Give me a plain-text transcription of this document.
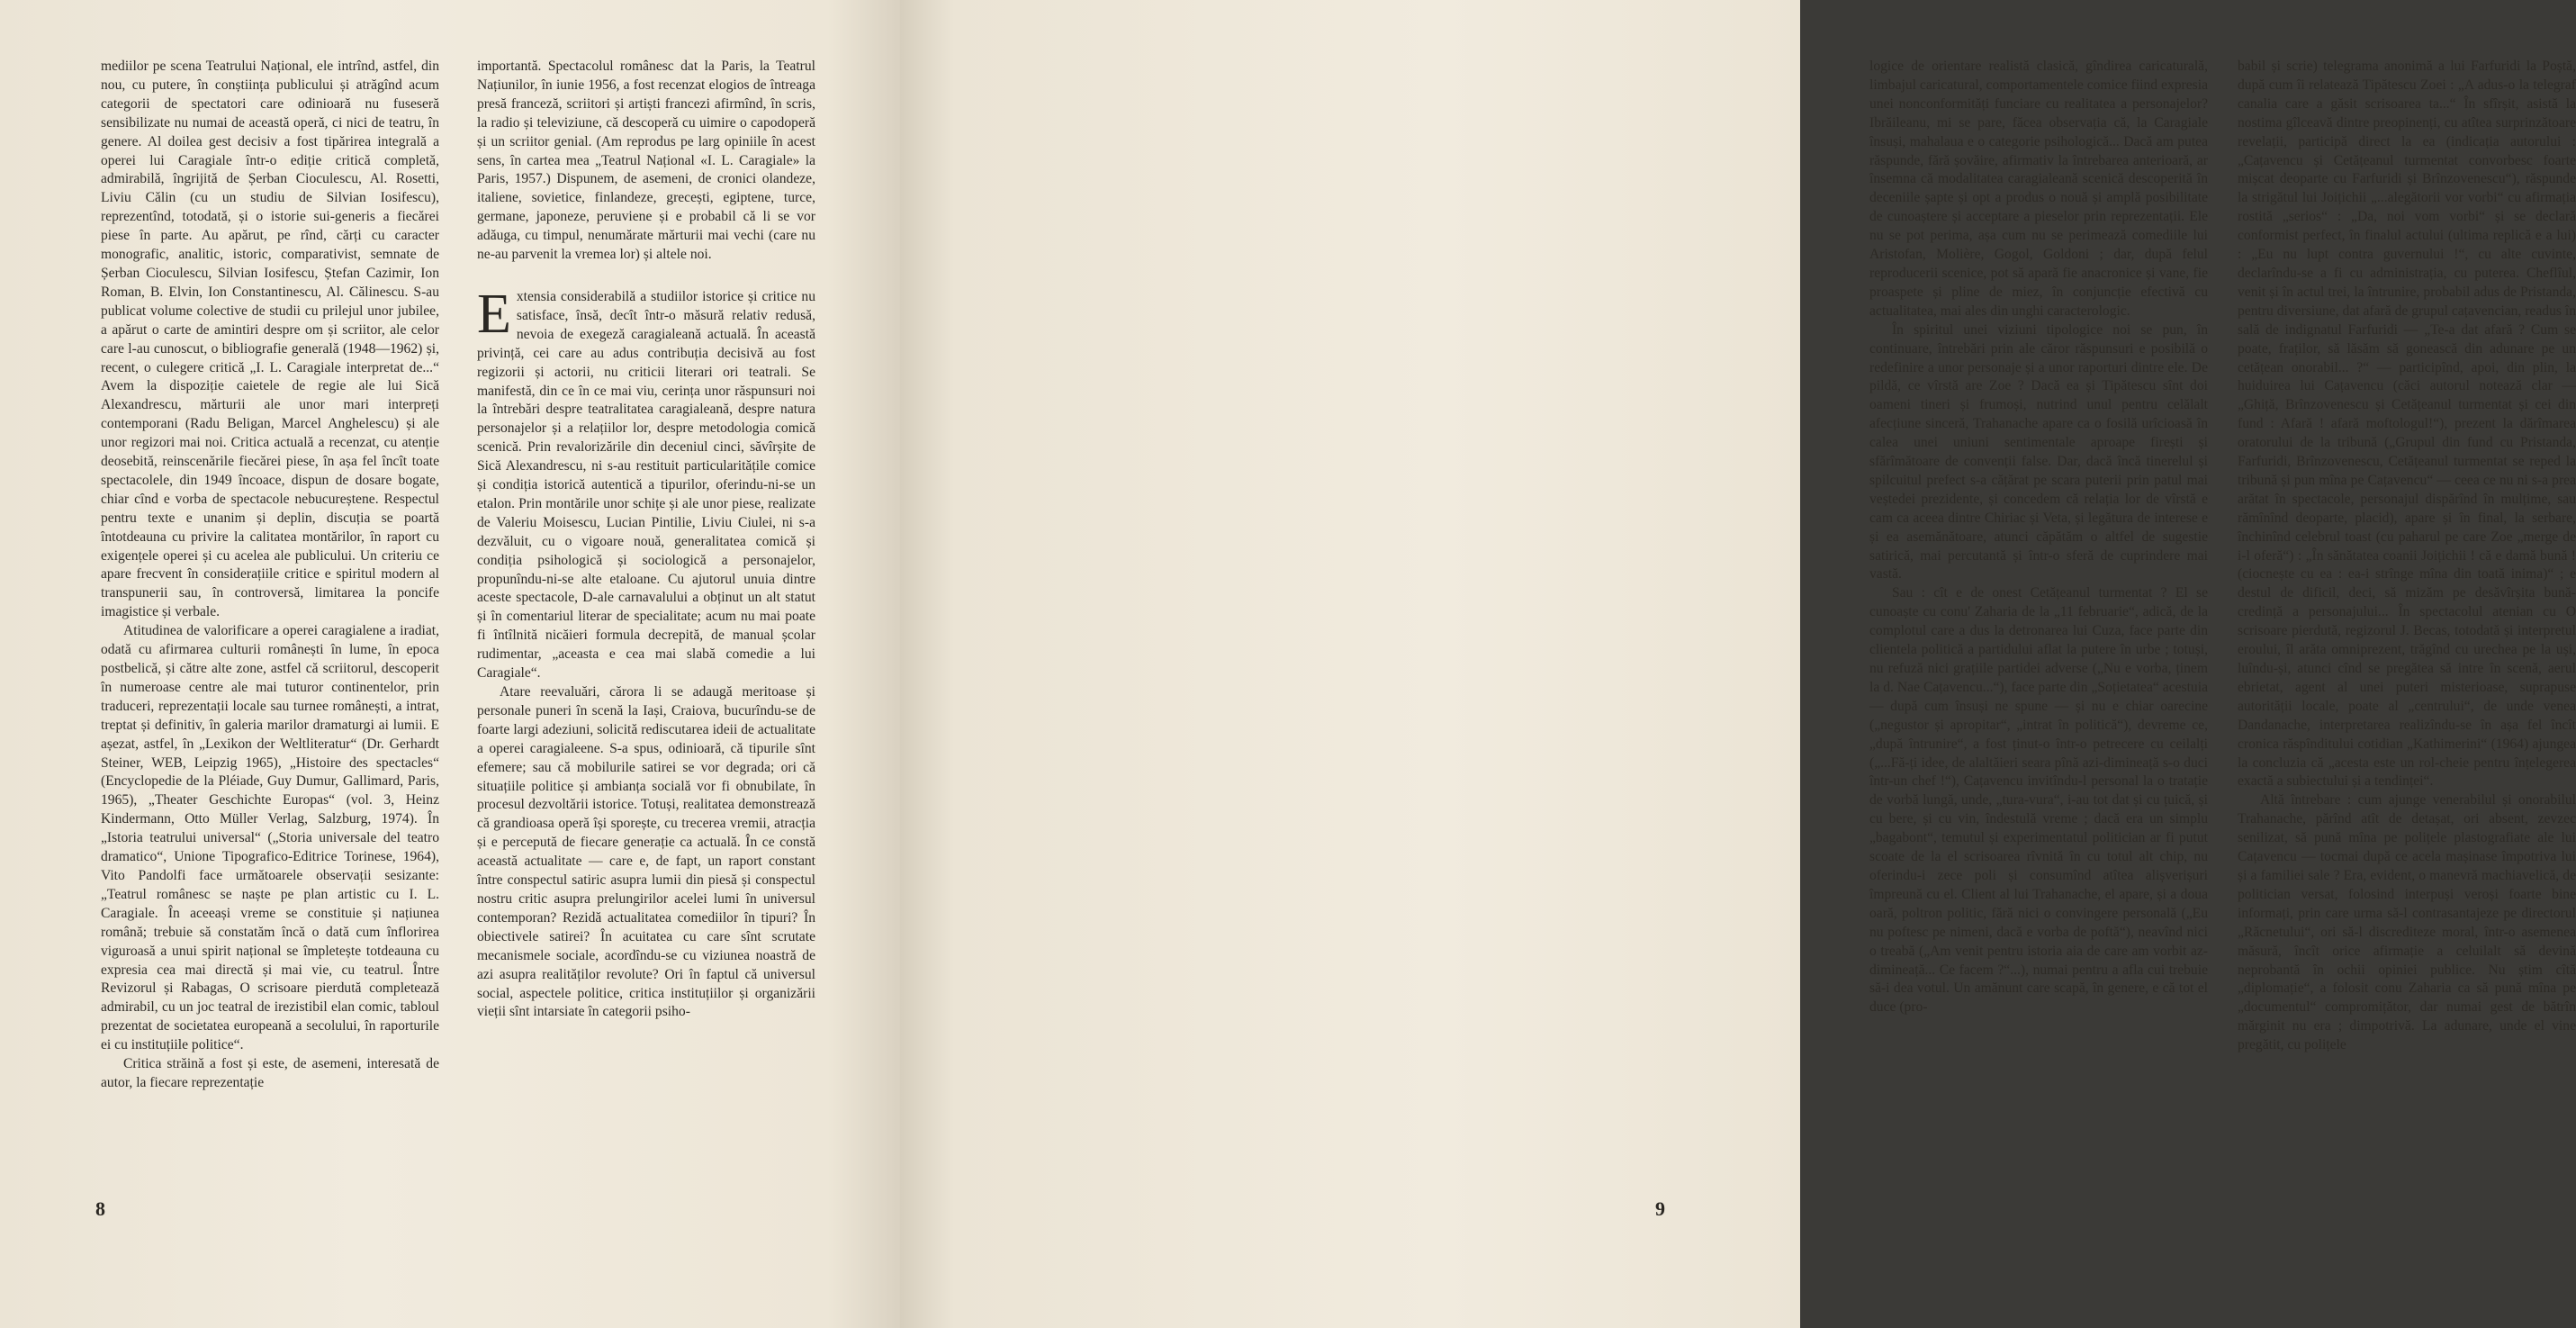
mediilor pe scena Teatrului Național, ele intrînd, astfel, din nou, cu putere, în conștiința publicului și atrăgînd acum categorii de spectatori care odinioară nu fuseseră sensibilizate nu numai de această operă, ci nici de teatru, în genere. Al doilea gest decisiv a fost tipărirea integrală a operei lui Caragiale într-o ediție critică completă, admirabilă, îngrijită de Șerban Cioculescu, Al. Rosetti, Liviu Călin (cu un studiu de Silvian Iosifescu), reprezentînd, totodată, și o istorie sui-generis a fiecărei piese în parte. Au apărut, pe rînd, cărți cu caracter monografic, analitic, istoric, comparativist, semnate de Șerban Cioculescu, Silvian Iosifescu, Ștefan Cazimir, Ion Roman, B. Elvin, Ion Constantinescu, Al. Călinescu. S-au publicat volume colective de studii cu prilejul unor jubilee, a apărut o carte de amintiri despre om și scriitor, ale celor care l-au cunoscut, o bibliografie generală (1948—1962) și, recent, o culegere critică „I. L. Caragiale interpretat de...“ Avem la dispoziție caietele de regie ale lui Sică Alexandrescu, mărturii ale unor mari interpreți contemporani (Radu Beligan, Marcel Anghelescu) și ale unor regizori mai noi. Critica actuală a recenzat, cu atenție deosebită, reinscenările fiecărei piese, în așa fel încît toate spectacolele, din 1949 încoace, dispun de dosare bogate, chiar cînd e vorba de spectacole nebucureștene. Respectul pentru texte e unanim și deplin, discuția se poartă întotdeauna cu privire la calitatea montărilor, în raport cu exigențele operei și cu acelea ale publicului. Un criteriu ce apare frecvent în considerațiile critice e spiritul modern al transpunerii sau, în controversă, limitarea la poncife imagistice și verbale.

Atitudinea de valorificare a operei caragialene a iradiat, odată cu afirmarea culturii românești în lume, în epoca postbelică, și către alte zone, astfel că scriitorul, descoperit în numeroase centre ale mai tuturor continentelor, prin traduceri, reprezentații locale sau turnee românești, a intrat, treptat și definitiv, în galeria marilor dramaturgi ai lumii. E așezat, astfel, în „Lexikon der Weltliteratur“ (Dr. Gerhardt Steiner, WEB, Leipzig 1965), „Histoire des spectacles“ (Encyclopedie de la Pléiade, Guy Dumur, Gallimard, Paris, 1965), „Theater Geschichte Europas“ (vol. 3, Heinz Kindermann, Otto Müller Verlag, Salzburg, 1974). În „Istoria teatrului universal“ („Storia universale del teatro dramatico“, Unione Tipografico-Editrice Torinese, 1964), Vito Pandolfi face următoarele observații sesizante: „Teatrul românesc se naște pe plan artistic cu I. L. Caragiale. În aceeași vreme se constituie și națiunea română; trebuie să constatăm încă o dată cum înflorirea viguroasă a unui spirit național se împletește totdeauna cu expresia cea mai directă și mai vie, cu teatrul. Între Revizorul și Rabagas, O scrisoare pierdută completează admirabil, cu un joc teatral de irezistibil elan comic, tabloul prezentat de societatea europeană a secolului, în raporturile ei cu instituțiile politice“.

Critica străină a fost și este, de asemeni, interesată de autor, la fiecare reprezentație

importantă. Spectacolul românesc dat la Paris, la Teatrul Națiunilor, în iunie 1956, a fost recenzat elogios de întreaga presă franceză, scriitori și artiști francezi afirmînd, în scris, la radio și televiziune, că descoperă cu uimire o capodoperă și un scriitor genial. (Am reprodus pe larg opiniile în acest sens, în cartea mea „Teatrul Național «I. L. Caragiale» la Paris, 1957.) Dispunem, de asemeni, de cronici olandeze, italiene, sovietice, finlandeze, grecești, egiptene, turce, germane, japoneze, peruviene și e probabil că li se vor adăuga, cu timpul, nenumărate mărturii mai vechi (care nu ne-au parvenit la vremea lor) și altele noi.

Extensia considerabilă a studiilor istorice și critice nu satisface, însă, decît într-o măsură relativ redusă, nevoia de exegeză caragialeană actuală. În această privință, cei care au adus contribuția decisivă au fost regizorii și actorii, nu criticii literari ori teatrali. Se manifestă, din ce în ce mai viu, cerința unor răspunsuri noi la întrebări despre teatralitatea caragialeană, despre natura personajelor și a relațiilor lor, despre metodologia comică scenică. Prin revalorizările din deceniul cinci, săvîrșite de Sică Alexandrescu, ni s-au restituit particularitățile comice și condiția istorică autentică a tipurilor, oferindu-ni-se un etalon. Prin montările unor schițe și ale unor piese, realizate de Valeriu Moisescu, Lucian Pintilie, Liviu Ciulei, ni s-a dezvăluit, cu o vigoare nouă, generalitatea comică și condiția psihologică și sociologică a personajelor, propunîndu-ni-se alte etaloane. Cu ajutorul unuia dintre aceste spectacole, D-ale carnavalului a obținut un alt statut și în comentariul literar de specialitate; acum nu mai poate fi întîlnită nicăieri formula decrepită, de manual școlar rudimentar, „aceasta e cea mai slabă comedie a lui Caragiale“.

Atare reevaluări, cărora li se adaugă meritoase și personale puneri în scenă la Iași, Craiova, bucurîndu-se de foarte largi adeziuni, solicită rediscutarea ideii de actualitate a operei caragialeene. S-a spus, odinioară, că tipurile sînt efemere; sau că mobilurile satirei se vor degrada; ori că situațiile politice și ambianța socială vor fi obnubilate, în procesul dezvoltării istorice. Totuși, realitatea demonstrează că grandioasa operă își sporește, cu trecerea vremii, atracția și e percepută de fiecare generație ca actuală. În ce constă această actualitate — care e, de fapt, un raport constant între conspectul satiric asupra lumii din piesă și conspectul nostru critic asupra prelungirilor acelei lumi în universul contemporan? Rezidă actualitatea comediilor în tipuri? În obiectivele satirei? În acuitatea cu care sînt scrutate mecanismele sociale, acordîndu-se cu viziunea noastră de azi asupra realităților revolute? Ori în faptul că universul social, aspectele politice, critica instituțiilor și organizării vieții sînt intarsiate în categorii psiho-

8

logice de orientare realistă clasică, gîndirea caricaturală, limbajul caricatural, comportamentele comice fiind expresia unei nonconformități funciare cu realitatea a personajelor? Ibrăileanu, mi se pare, făcea observația că, la Caragiale însuși, mahalaua e o categorie psihologică... Dacă am putea răspunde, fără șovăire, afirmativ la întrebarea anterioară, ar însemna că modalitatea caragialeană scenică descoperită în deceniile șapte și opt a produs o nouă și amplă posibilitate de cunoaștere și acceptare a pieselor prin reprezentații. Ele nu se pot perima, așa cum nu se perimează comediile lui Aristofan, Molière, Gogol, Goldoni ; dar, după felul reproducerii scenice, pot să apară fie anacronice și vane, fie proaspete și pline de miez, în conjuncție efectivă cu actualitatea, mai ales din unghi caracterologic.

În spiritul unei viziuni tipologice noi se pun, în continuare, întrebări prin ale căror răspunsuri e posibilă o redefinire a unor personaje și a unor raporturi dintre ele. De pildă, ce vîrstă are Zoe ? Dacă ea și Tipătescu sînt doi oameni tineri și frumoși, nutrind unul pentru celălalt afecțiune sinceră, Trahanache apare ca o fosilă urîcioasă în calea unei uniuni sentimentale aproape firești și sfărîmătoare de convenții false. Dar, dacă încă tinerelul și spilcuitul prefect s-a cățărat pe scara puterii prin patul mai veștedei prezidente, și concedem că relația lor de vîrstă e cam ca aceea dintre Chiriac și Veta, și legătura de interese e și ea asemănătoare, atunci căpătăm o altfel de sugestie satirică, mai percutantă și într-o sferă de cuprindere mai vastă.

Sau : cît e de onest Cetățeanul turmentat ? El se cunoaște cu conu' Zaharia de la „11 februarie“, adică, de la complotul care a dus la detronarea lui Cuza, face parte din clientela politică a partidului aflat la putere în urbe ; totuși, nu refuză nici grațiile partidei adverse („Nu e vorba, ținem la d. Nae Cațavencu...“), face parte din „Soțietatea“ acestuia — după cum însuși ne spune — și nu e chiar oarecine („negustor și apropitar“, „intrat în politică“), devreme ce, „după întrunire“, a fost ținut-o într-o petrecere cu ceilalți („...Fă-ți idee, de alaltăieri seara pînă azi-dimineață s-o duci într-un chef !“), Cațavencu invitîndu-l personal la o tratație de vorbă lungă, unde, „tura-vura“, i-au tot dat și cu țuică, și cu bere, și cu vin, îndestulă vreme ; dacă era un simplu „bagabont“, temutul și experimentatul politician ar fi putut scoate de la el scrisoarea rîvnită în cu totul alt chip, nu oferindu-i zece poli și consumînd atîtea alișverișuri împreună cu el. Client al lui Trahanache, el apare, și a doua oară, poltron politic, fără nici o convingere personală („Eu nu poftesc pe nimeni, dacă e vorba de poftă“), neavînd nici o treabă („Am venit pentru istoria aia de care am vorbit az-dimineață... Ce facem ?“...), numai pentru a afla cui trebuie să-i dea votul. Un amănunt care scapă, în genere, e că tot el duce (pro-

babil și scrie) telegrama anonimă a lui Farfuridi la Poștă, după cum îi relatează Tipătescu Zoei : „A adus-o la telegraf canalia care a găsit scrisoarea ta...“ În sfîrșit, asistă la nostima gîlceavă dintre preopinenți, cu atîtea surprinzătoare revelații, participă direct la ea (indicația autorului : „Cațavencu și Cetățeanul turmentat convorbesc foarte mișcat deoparte cu Farfuridi și Brînzovenescu“), răspunde la strigătul lui Joițichii „...alegătorii vor vorbi“ cu afirmația rostită „serios“ : „Da, noi vom vorbi“ și se declară conformist perfect, în finalul actului (ultima replică e a lui) : „Eu nu lupt contra guvernului !“, cu alte cuvinte, declarîndu-se a fi cu administrația, cu puterea. Cheflîul, venit și în actul trei, la întrunire, probabil adus de Pristanda, pentru diversiune, dat afară de grupul cațavencian, readus în sală de indignatul Farfuridi — „Te-a dat afară ? Cum se poate, fraților, să lăsăm să gonească din adunare pe un cetățean onorabil... ?“ — participînd, apoi, din plin, la huiduirea lui Cațavencu (căci autorul notează clar — „Ghiță, Brînzovenescu și Cetățeanul turmentat și cei din fund : Afară ! afară moftologul!“), prezent la dărîmarea oratorului de la tribună („Grupul din fund cu Pristanda, Farfuridi, Brînzovenescu, Cetățeanul turmentat se reped la tribună și pun mîna pe Cațavencu“ — ceea ce nu ni s-a prea arătat în spectacole, personajul dispărînd în mulțime, sau rămînînd deoparte, placid), apare și în final, la serbare, închinînd celebrul toast (cu paharul pe care Zoe „merge de i-l oferă“) : „În sănătatea coanii Joițichii ! că e damă bună ! (ciocnește cu ea : ea-i strînge mîna din toată inima)“ ; e destul de dificil, deci, să mizăm pe desăvîrșita bună-credință a personajului... În spectacolul atenian cu O scrisoare pierdută, regizorul J. Becas, totodată și interpretul eroului, îl arăta omniprezent, trăgînd cu urechea pe la uși, luîndu-și, atunci cînd se pregătea să intre în scenă, aerul ebrietat, agent al unei puteri misterioase, suprapuse autorității locale, poate al „centrului“, de unde venea Dandanache, interpretarea realizîndu-se în așa fel încît cronica răspînditului cotidian „Kathimerini“ (1964) ajungea la concluzia că „acesta este un rol-cheie pentru înțelegerea exactă a subiectului și a tendinței“.

Altă întrebare : cum ajunge venerabilul și onorabilul Trahanache, părînd atît de detașat, ori absent, zevzec senilizat, să pună mîna pe polițele plastografiate ale lui Cațavencu — tocmai după ce acela mașinase împotriva lui și a familiei sale ? Era, evident, o manevră machiavelică, de politician versat, folosind interpuși veroși foarte bine informați, prin care urma să-l contrasantajeze pe directorul „Răcnetului“, ori să-l discrediteze moral, într-o asemenea măsură, încît orice afirmație a celuilalt să devină neprobantă în ochii opiniei publice. Nu știm cîtă „diplomație“, a folosit conu Zaharia ca să pună mîna pe „documentul“ compromițător, dar numai gest de bătrîn mărginit nu era ; dimpotrivă. La adunare, unde el vine pregătit, cu polițele

9
